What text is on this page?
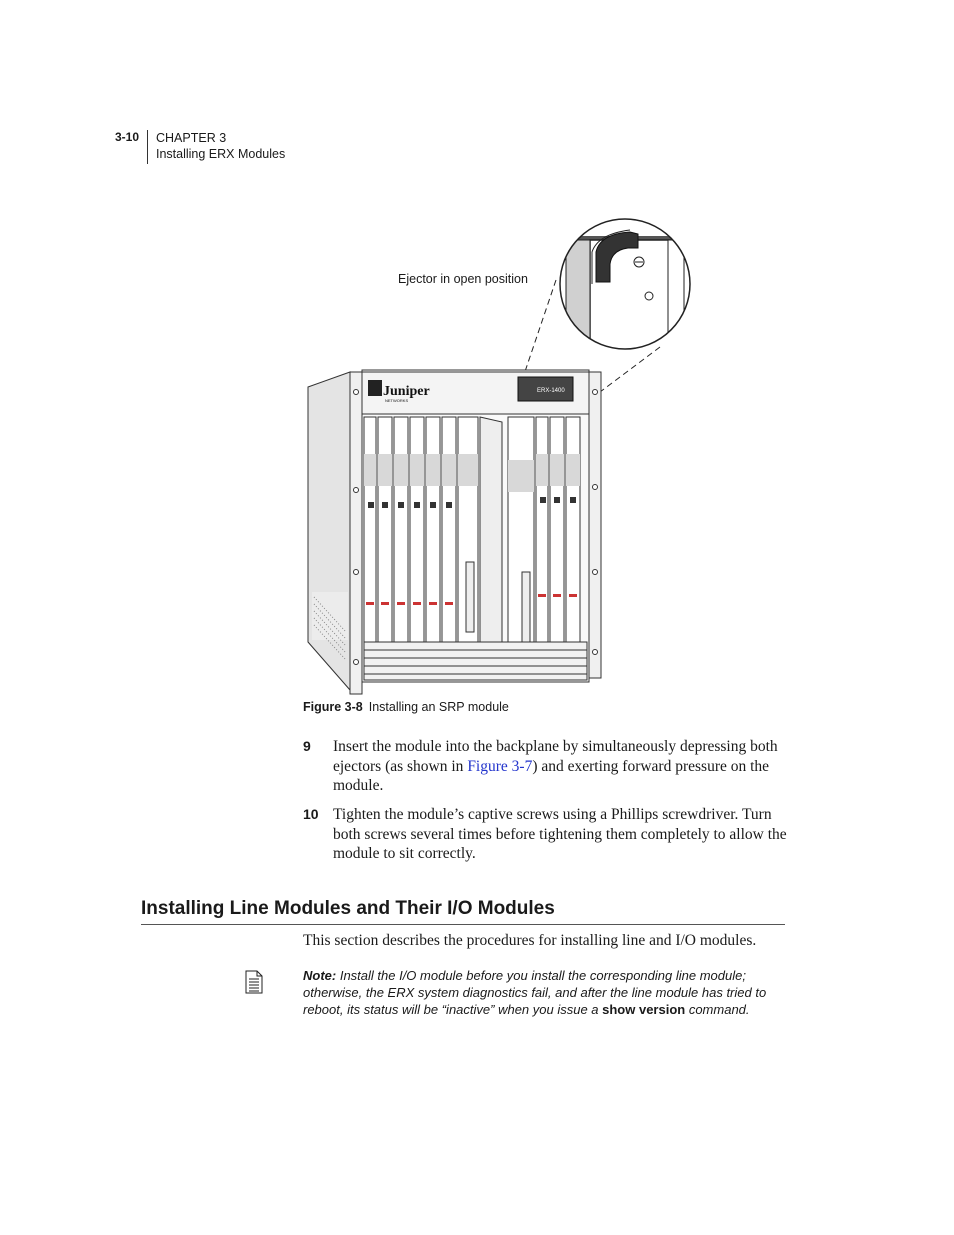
3-10 CHAPTER 3
Installing ERX Modules
Ejector in open position
Juniper
NETWORKS
ERX-1400
Figure 3-8 Installing an SRP module
9 Insert the module into the backplane by simultaneously depressing both ejectors (as shown in Figure 3-7) and exerting forward pressure on the module.
10 Tighten the module’s captive screws using a Phillips screwdriver. Turn both screws several times before tightening them completely to allow the module to sit correctly.
Installing Line Modules and Their I/O Modules
This section describes the procedures for installing line and I/O modules.
Note: Install the I/O module before you install the corresponding line module; otherwise, the ERX system diagnostics fail, and after the line module has tried to reboot, its status will be “inactive” when you issue a show version command.
